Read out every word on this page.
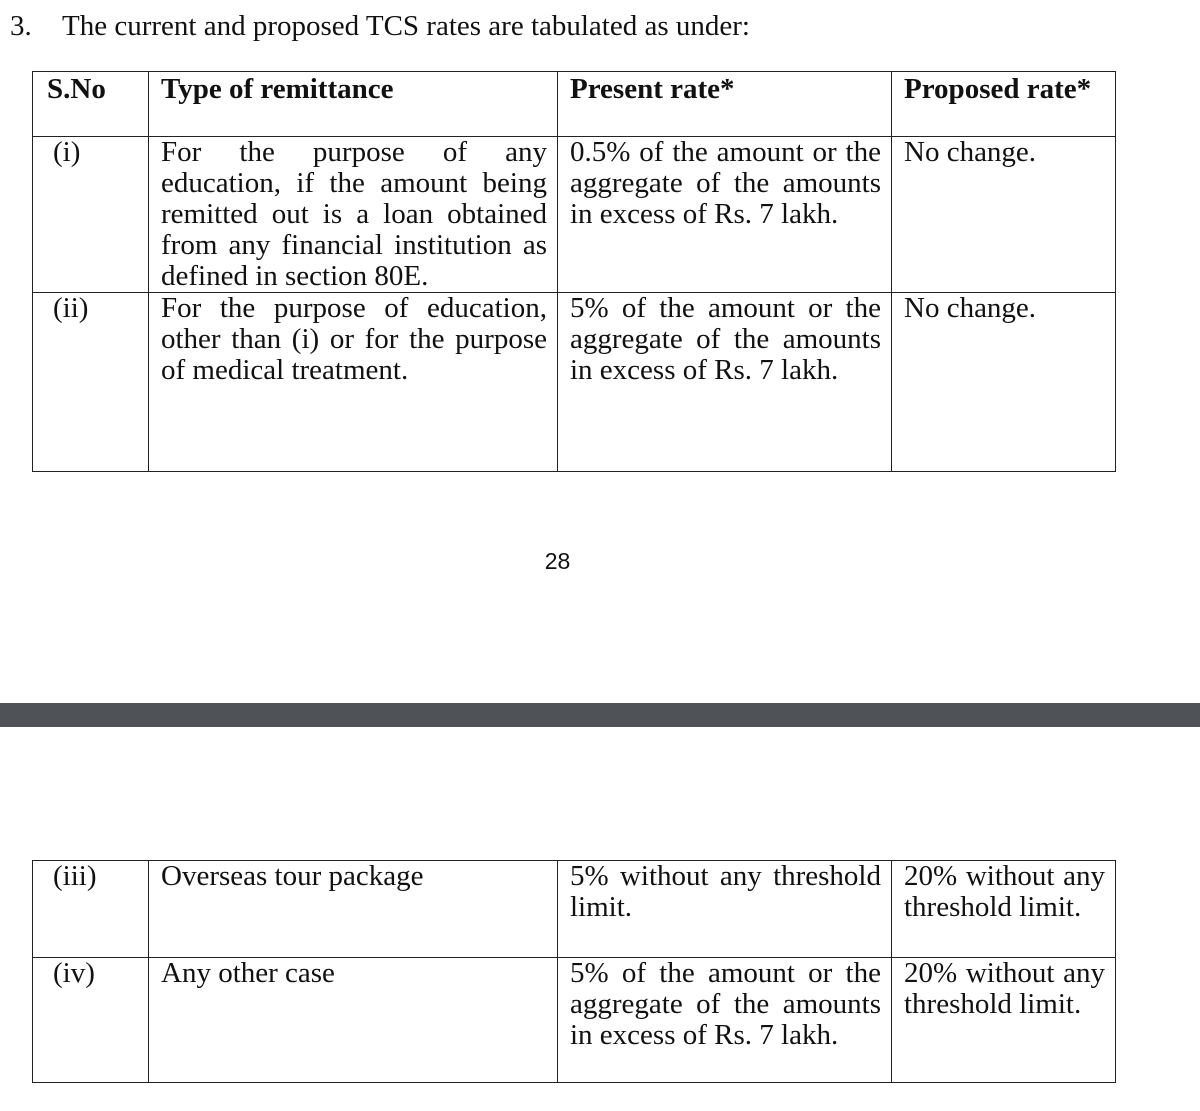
3. The current and proposed TCS rates are tabulated as under:
S.No	Type of remittance	Present rate*	Proposed rate*
(i)	For the purpose of any education, if the amount being remitted out is a loan obtained from any financial institution as defined in section 80E.	0.5% of the amount or the aggregate of the amounts in excess of Rs. 7 lakh.	No change.
(ii)	For the purpose of education, other than (i) or for the purpose of medical treatment.	5% of the amount or the aggregate of the amounts in excess of Rs. 7 lakh.	No change.
28
(iii)	Overseas tour package	5% without any threshold limit.	20% without any threshold limit.
(iv)	Any other case	5% of the amount or the aggregate of the amounts in excess of Rs. 7 lakh.	20% without any threshold limit.
